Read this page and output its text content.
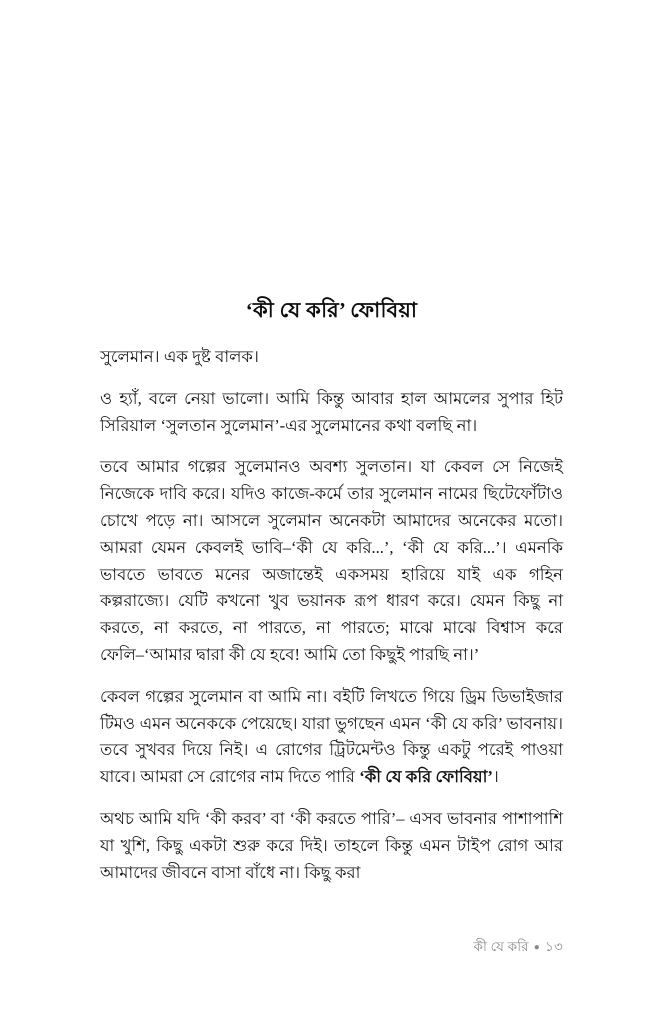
‘কী যে করি’ ফোবিয়া

সুলেমান। এক দুষ্ট বালক।

ও হ্যাঁ, বলে নেয়া ভালো। আমি কিন্তু আবার হাল আমলের সুপার হিট সিরিয়াল ‘সুলতান সুলেমান’-এর সুলেমানের কথা বলছি না।

তবে আমার গল্পের সুলেমানও অবশ্য সুলতান। যা কেবল সে নিজেই নিজেকে দাবি করে। যদিও কাজে-কর্মে তার সুলেমান নামের ছিটেফোঁটাও চোখে পড়ে না। আসলে সুলেমান অনেকটা আমাদের অনেকের মতো। আমরা যেমন কেবলই ভাবি–‘কী যে করি...’, ‘কী যে করি...’। এমনকি ভাবতে ভাবতে মনের অজান্তেই একসময় হারিয়ে যাই এক গহিন কল্পরাজ্যে। যেটি কখনো খুব ভয়ানক রূপ ধারণ করে। যেমন কিছু না করতে, না করতে, না পারতে, না পারতে; মাঝে মাঝে বিশ্বাস করে ফেলি–‘আমার দ্বারা কী যে হবে! আমি তো কিছুই পারছি না।’

কেবল গল্পের সুলেমান বা আমি না। বইটি লিখতে গিয়ে ড্রিম ডিভাইজার টিমও এমন অনেককে পেয়েছে। যারা ভুগছেন এমন ‘কী যে করি’ ভাবনায়। তবে সুখবর দিয়ে নিই। এ রোগের ট্রিটমেন্টও কিন্তু একটু পরেই পাওয়া যাবে। আমরা সে রোগের নাম দিতে পারি ‘কী যে করি ফোবিয়া’।

অথচ আমি যদি ‘কী করব’ বা ‘কী করতে পারি’– এসব ভাবনার পাশাপাশি যা খুশি, কিছু একটা শুরু করে দিই। তাহলে কিন্তু এমন টাইপ রোগ আর আমাদের জীবনে বাসা বাঁধে না। কিছু করা

কী যে করি ● ১৩
